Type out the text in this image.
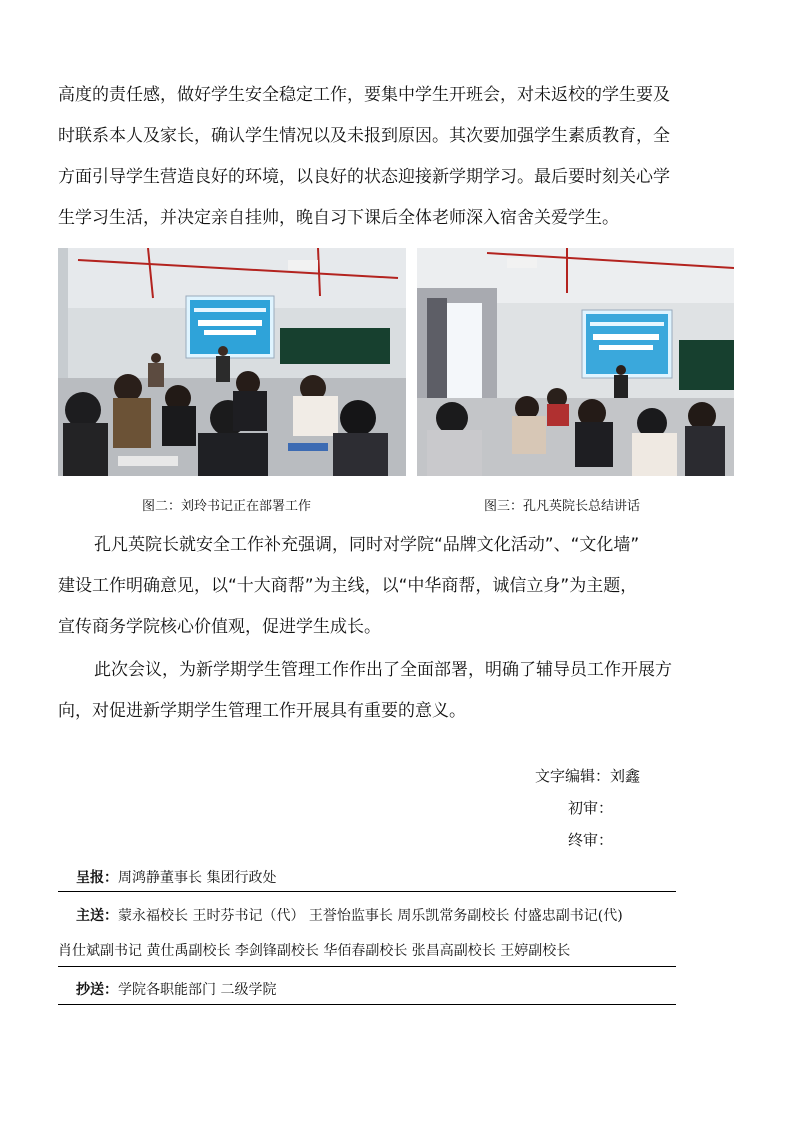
高度的责任感，做好学生安全稳定工作，要集中学生开班会，对未返校的学生要及
时联系本人及家长，确认学生情况以及未报到原因。其次要加强学生素质教育，全
方面引导学生营造良好的环境，以良好的状态迎接新学期学习。最后要时刻关心学
生学习生活，并决定亲自挂帅，晚自习下课后全体老师深入宿舍关爱学生。
图二：刘玲书记正在部署工作	图三：孔凡英院长总结讲话
孔凡英院长就安全工作补充强调，同时对学院“品牌文化活动”、“文化墙”
建设工作明确意见，以“十大商帮”为主线，以“中华商帮，诚信立身”为主题，
宣传商务学院核心价值观，促进学生成长。
此次会议，为新学期学生管理工作作出了全面部署，明确了辅导员工作开展方
向，对促进新学期学生管理工作开展具有重要的意义。
文字编辑：刘鑫
初审：
终审：
呈报：周鸿静董事长 集团行政处
主送：蒙永福校长 王时芬书记（代） 王誉怡监事长 周乐凯常务副校长 付盛忠副书记(代)
肖仕斌副书记 黄仕禹副校长 李剑锋副校长 华佰春副校长 张昌高副校长 王婷副校长
抄送：学院各职能部门 二级学院
